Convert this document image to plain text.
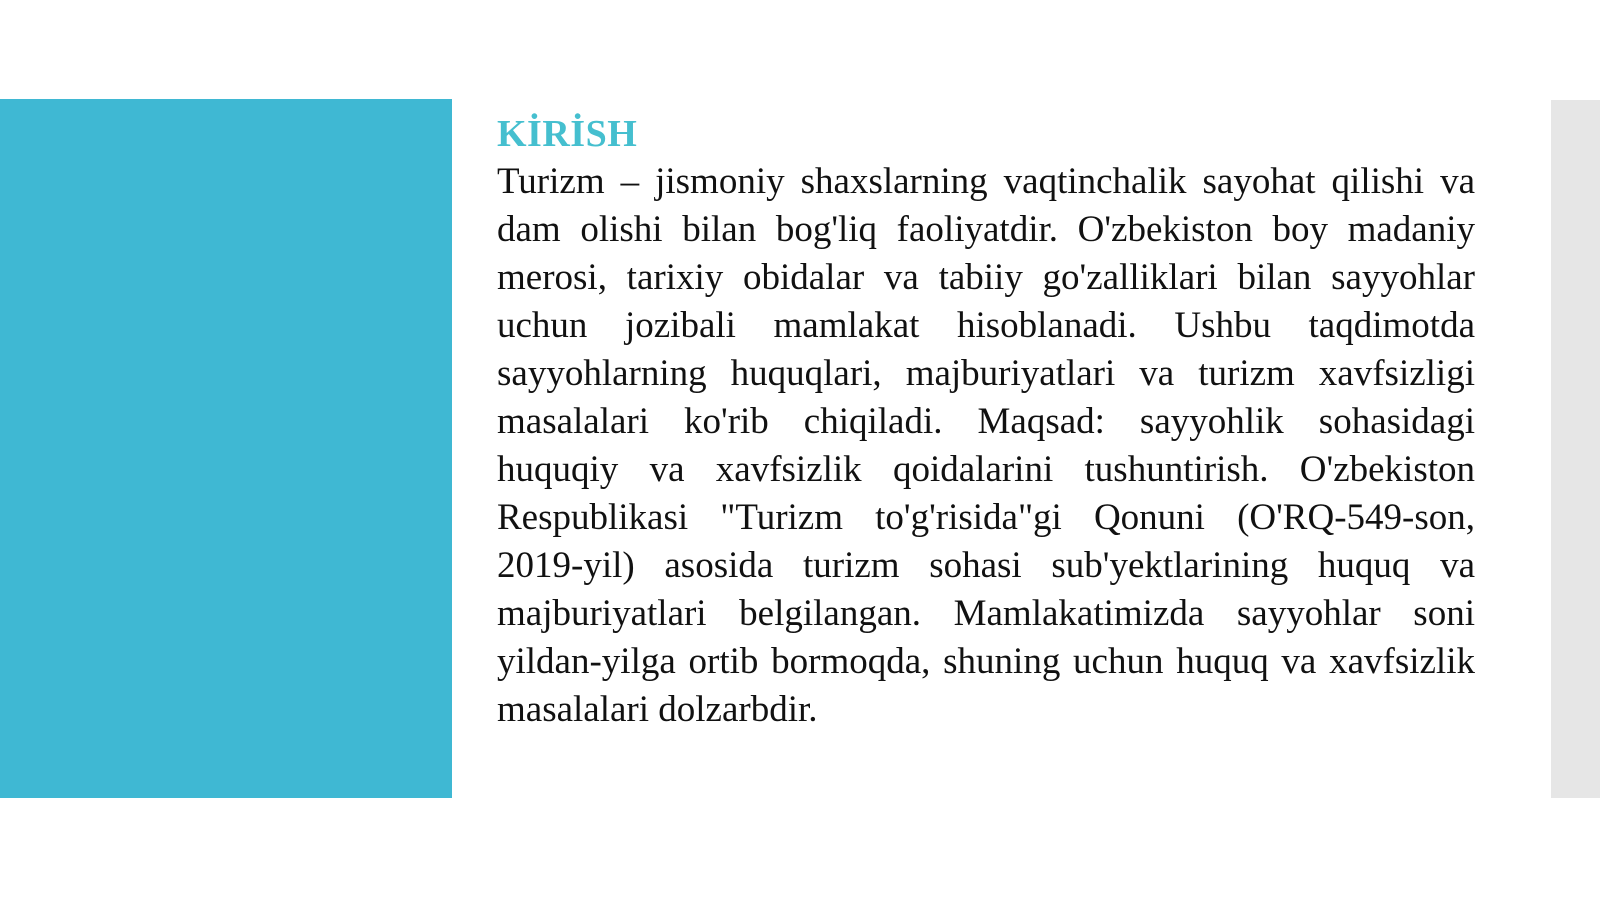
KİRİSH

Turizm – jismoniy shaxslarning vaqtinchalik sayohat qilishi va dam olishi bilan bog'liq faoliyatdir. O'zbekiston boy madaniy merosi, tarixiy obidalar va tabiiy go'zalliklari bilan sayyohlar uchun jozibali mamlakat hisoblanadi. Ushbu taqdimotda sayyohlarning huquqlari, majburiyatlari va turizm xavfsizligi masalalari ko'rib chiqiladi. Maqsad: sayyohlik sohasidagi huquqiy va xavfsizlik qoidalarini tushuntirish. O'zbekiston Respublikasi "Turizm to'g'risida"gi Qonuni (O'RQ-549-son, 2019-yil) asosida turizm sohasi sub'yektlarining huquq va majburiyatlari belgilangan. Mamlakatimizda sayyohlar soni yildan-yilga ortib bormoqda, shuning uchun huquq va xavfsizlik masalalari dolzarbdir.
